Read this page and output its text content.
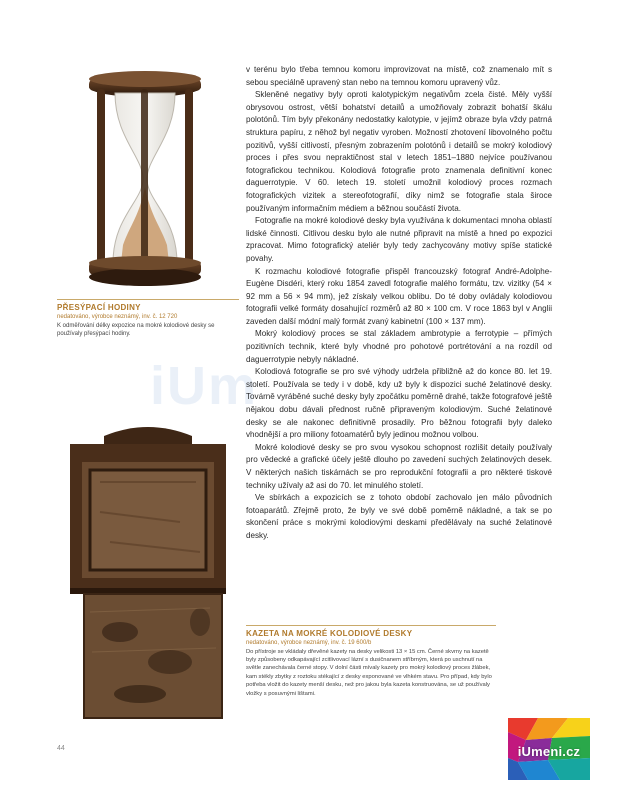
PŘESÝPACÍ HODINY
nedatováno, výrobce neznámý, inv. č. 12 720
K odměřování délky expozice na mokré kolodiové desky se používaly přesýpací hodiny.
iUm

v terénu bylo třeba temnou komoru improvizovat na místě, což znamenalo mít s sebou speciálně upravený stan nebo na temnou komoru upravený vůz.

Skleněné negativy byly oproti kalotypickým negativům zcela čisté. Měly vyšší obrysovou ostrost, větší bohatství detailů a umožňovaly zobrazit bohatší škálu polotónů. Tím byly překonány nedostatky kalotypie, v jejímž obraze byla vždy patrná struktura papíru, z něhož byl negativ vyroben. Možností zhotovení libovolného počtu pozitivů, vyšší citlivostí, přesným zobrazením polotónů i detailů se mokrý kolodiový proces i přes svou nepraktičnost stal v letech 1851–1880 nejvíce používanou fotografickou technikou. Kolodiová fotografie proto znamenala definitivní konec daguerrotypie. V 60. letech 19. století umožnil kolodiový proces rozmach fotografických vizitek a stereofotografií, díky nimž se fotografie stala široce používaným informačním médiem a běžnou součástí života.

Fotografie na mokré kolodiové desky byla využívána k dokumentaci mnoha oblastí lidské činnosti. Citlivou desku bylo ale nutné připravit na místě a hned po expozici zpracovat. Mimo fotografický ateliér byly tedy zachycovány motivy spíše statické povahy.

K rozmachu kolodiové fotografie přispěl francouzský fotograf André-Adolphe-Eugène Disdéri, který roku 1854 zavedl fotografie malého formátu, tzv. vizitky (54 × 92 mm a 56 × 94 mm), jež získaly velkou oblibu. Do té doby ovládaly kolodiovou fotografii velké formáty dosahující rozměrů až 80 × 100 cm. V roce 1863 byl v Anglii zaveden další módní malý formát zvaný kabinetní (100 × 137 mm).

Mokrý kolodiový proces se stal základem ambrotypie a ferrotypie – přímých pozitivních technik, které byly vhodné pro pohotové portrétování a na rozdíl od daguerrotypie nebyly nákladné.

Kolodiová fotografie se pro své výhody udržela přibližně až do konce 80. let 19. století. Používala se tedy i v době, kdy už byly k dispozici suché želatinové desky. Továrně vyráběné suché desky byly zpočátku poměrně drahé, takže fotografové ještě nějakou dobu dávali přednost ručně připraveným kolodiovým. Suché želatinové desky se ale nakonec definitivně prosadily. Pro běžnou fotografii byly daleko vhodnější a pro miliony fotoamatérů byly jedinou možnou volbou.

Mokré kolodiové desky se pro svou vysokou schopnost rozlišit detaily používaly pro vědecké a grafické účely ještě dlouho po zavedení suchých želatinových desek. V některých našich tiskárnách se pro reprodukční fotografii a pro některé tiskové techniky užívaly až asi do 70. let minulého století.

Ve sbírkách a expozicích se z tohoto období zachovalo jen málo původních fotoaparátů. Zřejmě proto, že byly ve své době poměrně nákladné, a tak se po skončení práce s mokrými kolodiovými deskami předělávaly na suché želatinové desky.

KAZETA NA MOKRÉ KOLODIOVÉ DESKY
nedatováno, výrobce neznámý, inv. č. 19 600/b
Do přístroje se vkládaly dřevěné kazety na desky velikosti 13 × 15 cm. Černé skvrny na kazetě byly způsobeny odkapávající zcitlivovací lázní s dusičnanem stříbrným, která po uschnutí na světle zanechávala černé stopy. V dolní části mívaly kazety pro mokrý kolodiový proces žlábek, kam stékly zbytky z roztoku stékající z desky exponované ve vlhkém stavu. Pro případ, kdy bylo potřeba vložit do kazety menší desku, než pro jakou byla kazeta konstruována, se už používaly vložky s posuvnými lištami.
44	iUmeni.cz
